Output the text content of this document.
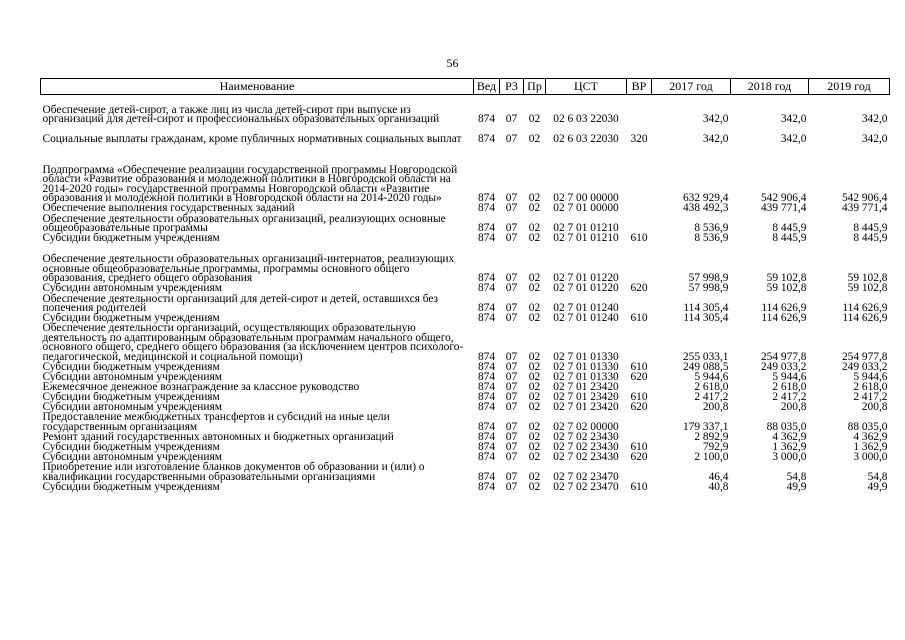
56
Наименование	Вед	Р3	Пр	ЦСТ	ВР	2017 год	2018 год	2019 год
Обеспечение детей-сирот, а также лиц из числа детей-сирот при выпуске из организаций для детей-сирот и профессиональных образовательных организаций	874	07	02	02 6 03 22030		342,0	342,0	342,0
Социальные выплаты гражданам, кроме публичных нормативных социальных выплат	874	07	02	02 6 03 22030	320	342,0	342,0	342,0
Подпрограмма «Обеспечение реализации государственной программы Новгородской области «Развитие образования и молодежной политики в Новгородской области на 2014-2020 годы» государственной программы Новгородской области «Развитие образования и молодежной политики в Новгородской области на 2014-2020 годы»	874	07	02	02 7 00 00000		632 929,4	542 906,4	542 906,4
Обеспечение выполнения государственных заданий	874	07	02	02 7 01 00000		438 492,3	439 771,4	439 771,4
Обеспечение деятельности образовательных организаций, реализующих основные общеобразовательные программы	874	07	02	02 7 01 01210		8 536,9	8 445,9	8 445,9
Субсидии бюджетным учреждениям	874	07	02	02 7 01 01210	610	8 536,9	8 445,9	8 445,9
Обеспечение деятельности образовательных организаций-интернатов, реализующих основные общеобразовательные программы, программы основного общего образования, среднего общего образования	874	07	02	02 7 01 01220		57 998,9	59 102,8	59 102,8
Субсидии автономным учреждениям	874	07	02	02 7 01 01220	620	57 998,9	59 102,8	59 102,8
Обеспечение деятельности организаций для детей-сирот и детей, оставшихся без попечения родителей	874	07	02	02 7 01 01240		114 305,4	114 626,9	114 626,9
Субсидии бюджетным учреждениям	874	07	02	02 7 01 01240	610	114 305,4	114 626,9	114 626,9
Обеспечение деятельности организаций, осуществляющих образовательную деятельность по адаптированным образовательным программам начального общего, основного общего, среднего общего образования (за исключением центров психолого-педагогической, медицинской и социальной помощи)	874	07	02	02 7 01 01330		255 033,1	254 977,8	254 977,8
Субсидии бюджетным учреждениям	874	07	02	02 7 01 01330	610	249 088,5	249 033,2	249 033,2
Субсидии автономным учреждениям	874	07	02	02 7 01 01330	620	5 944,6	5 944,6	5 944,6
Ежемесячное денежное вознаграждение за классное руководство	874	07	02	02 7 01 23420		2 618,0	2 618,0	2 618,0
Субсидии бюджетным учреждениям	874	07	02	02 7 01 23420	610	2 417,2	2 417,2	2 417,2
Субсидии автономным учреждениям	874	07	02	02 7 01 23420	620	200,8	200,8	200,8
Предоставление межбюджетных трансфертов и субсидий на иные цели государственным организациям	874	07	02	02 7 02 00000		179 337,1	88 035,0	88 035,0
Ремонт зданий государственных автономных и бюджетных организаций	874	07	02	02 7 02 23430		2 892,9	4 362,9	4 362,9
Субсидии бюджетным учреждениям	874	07	02	02 7 02 23430	610	792,9	1 362,9	1 362,9
Субсидии автономным учреждениям	874	07	02	02 7 02 23430	620	2 100,0	3 000,0	3 000,0
Приобретение или изготовление бланков документов об образовании и (или) о квалификации государственными образовательными организациями	874	07	02	02 7 02 23470		46,4	54,8	54,8
Субсидии бюджетным учреждениям	874	07	02	02 7 02 23470	610	40,8	49,9	49,9
